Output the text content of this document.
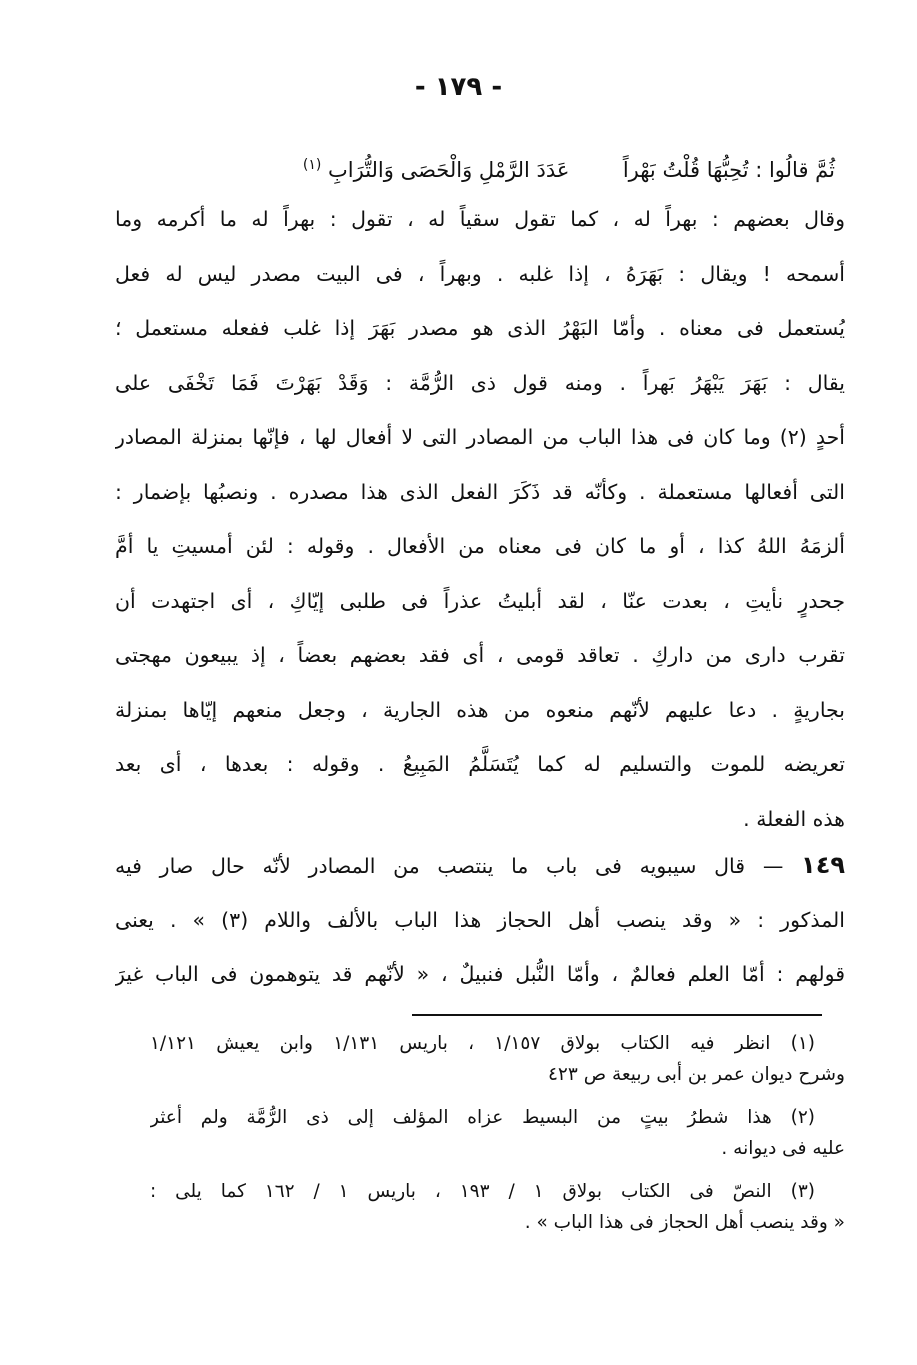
- ١٧٩ -
ثُمَّ قالُوا : تُحِبُّهَا قُلْتُ بَهْراً  عَدَدَ الرَّمْلِ وَالْحَصَى وَالتُّرَابِ $^{(١)}$
وقال بعضهم : بهراً له ، كما تقول سقياً له ، تقول : بهراً له ما أكرمه وما
أسمحه ! ويقال : بَهَرَهُ ، إذا غلبه . وبهراً ، فى البيت مصدر ليس له فعل
يُستعمل فى معناه . وأمّا البَهْرُ الذى هو مصدر بَهَرَ إذا غلب ففعله مستعمل ؛
يقال : بَهَرَ يَبْهَرُ بَهراً . ومنه قول ذى الرُّمَّة : وَقَدْ بَهَرْتَ فَمَا تَخْفَى على
أحدٍ (٢) وما كان فى هذا الباب من المصادر التى لا أفعال لها ، فإنّها بمنزلة المصادر
التى أفعالها مستعملة . وكأنّه قد ذَكَرَ الفعل الذى هذا مصدره . ونصبُها بإضمار :
ألزمَهُ اللهُ كذا ، أو ما كان فى معناه من الأفعال . وقوله : لئن أمسيتِ يا أمَّ
جحدرٍ نأيتِ ، بعدت عنّا ، لقد أبليتُ عذراً فى طلبى إيّاكِ ، أى اجتهدت أن
تقرب دارى من داركِ . تعاقد قومى ، أى فقد بعضهم بعضاً ، إذ يبيعون مهجتى
بجاريةٍ . دعا عليهم لأنّهم منعوه من هذه الجارية ، وجعل منعهم إيّاها بمنزلة
تعريضه للموت والتسليم له كما يُتَسَلَّمُ المَبِيعُ . وقوله : بعدها ، أى بعد
هذه الفعلة .
١٤٩ — قال سيبويه فى باب ما ينتصب من المصادر لأنّه حال صار فيه
المذكور : « وقد ينصب أهل الحجاز هذا الباب بالألف واللام (٣) » . يعنى
قولهم : أمّا العلم فعالمٌ ، وأمّا النُّبل فنبيلٌ ، « لأنّهم قد يتوهمون فى الباب غيرَ
(١) انظر فيه الكتاب بولاق ١/١٥٧ ، باريس ١/١٣١ وابن يعيش ١/١٢١
وشرح ديوان عمر بن أبى ربيعة ص ٤٢٣
(٢) هذا شطرُ بيتٍ من البسيط عزاه المؤلف إلى ذى الرُّمَّة ولم أعثر
عليه فى ديوانه .
(٣) النصّ فى الكتاب بولاق ١ / ١٩٣ ، باريس ١ / ١٦٢ كما يلى :
« وقد ينصب أهل الحجاز فى هذا الباب » .
